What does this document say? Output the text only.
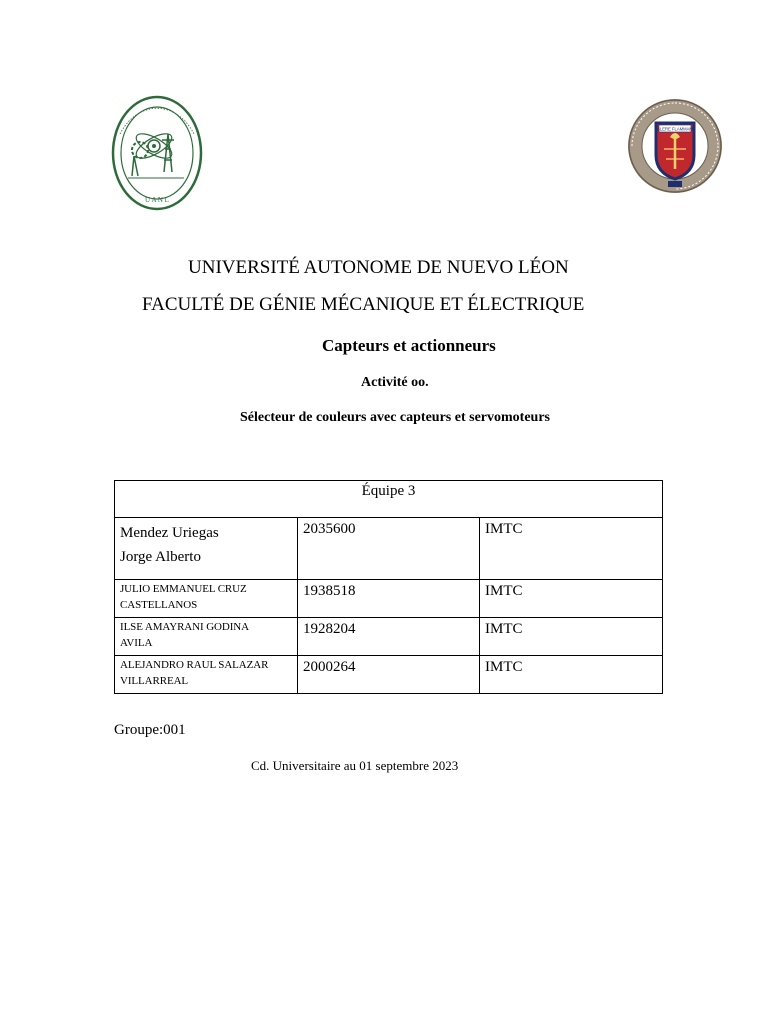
U A N L
ALERE FLAMMAM
UNIVERSITÉ AUTONOME DE NUEVO LÉON
FACULTÉ DE GÉNIE MÉCANIQUE ET ÉLECTRIQUE
Capteurs et actionneurs
Activité oo.
Sélecteur de couleurs avec capteurs et servomoteurs
Équipe 3		

Mendez Uriegas
Jorge Alberto	2035600	IMTC

JULIO EMMANUEL CRUZ
CASTELLANOS	1938518	IMTC

ILSE AMAYRANI GODINA
AVILA	1928204	IMTC

ALEJANDRO RAUL SALAZAR
VILLARREAL	2000264	IMTC
Groupe:001
Cd. Universitaire au 01 septembre 2023
